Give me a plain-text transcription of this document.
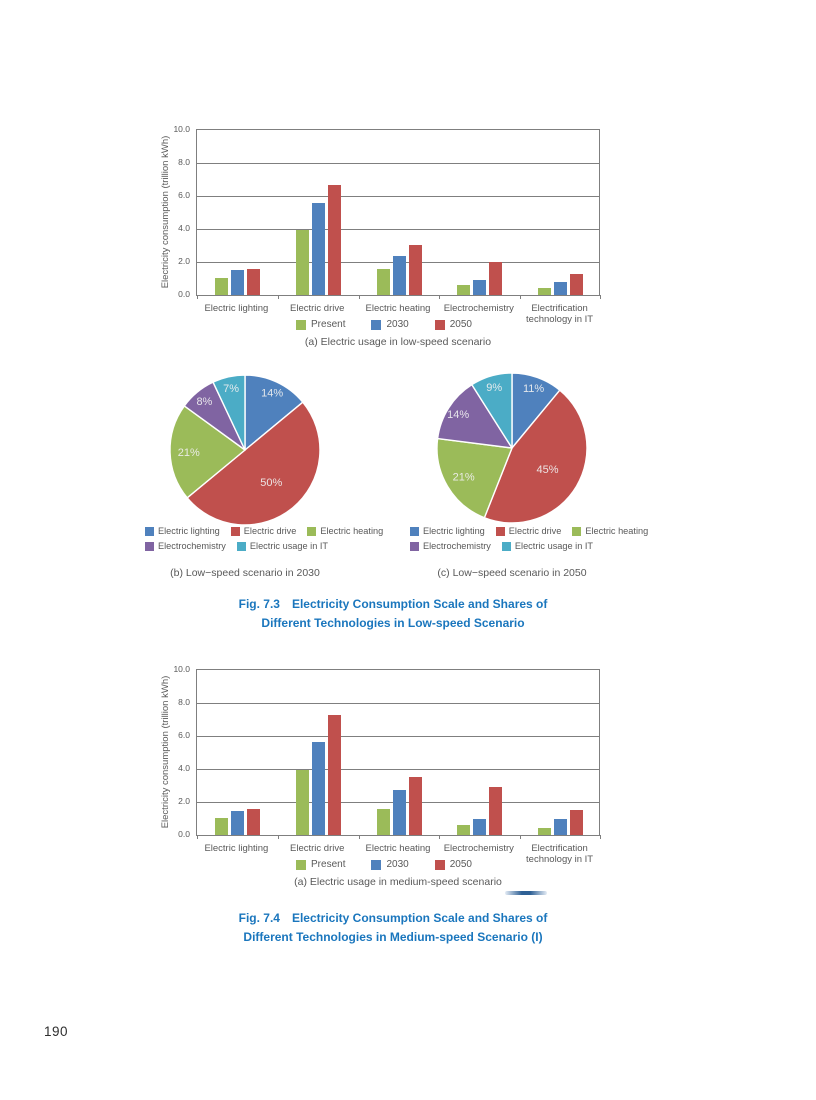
Electricity consumption (trillion kWh)
(a) Electric usage in low-speed scenario
0.0
2.0
4.0
6.0
8.0
10.0
Electric lighting	Electric drive	Electric heating	Electrochemistry	Electrification technology in IT
Present	2030	2050
14%
50%
21%
8%
7%	11%
45%
21%
14%
9%
Electric lighting	Electric drive	Electric heating
Electrochemistry	Electric usage in IT
Electric lighting	Electric drive	Electric heating
Electrochemistry	Electric usage in IT
(b) Low−speed scenario in 2030	(c) Low−speed scenario in 2050
Fig. 7.3 Electricity Consumption Scale and Shares of
Different Technologies in Low-speed Scenario
Electricity consumption (trillion kWh)
(a) Electric usage in medium-speed scenario
0.0
2.0
4.0
6.0
8.0
10.0
Electric lighting	Electric drive	Electric heating	Electrochemistry	Electrification technology in IT
Present	2030	2050
Fig. 7.4 Electricity Consumption Scale and Shares of
Different Technologies in Medium-speed Scenario (I)
190
